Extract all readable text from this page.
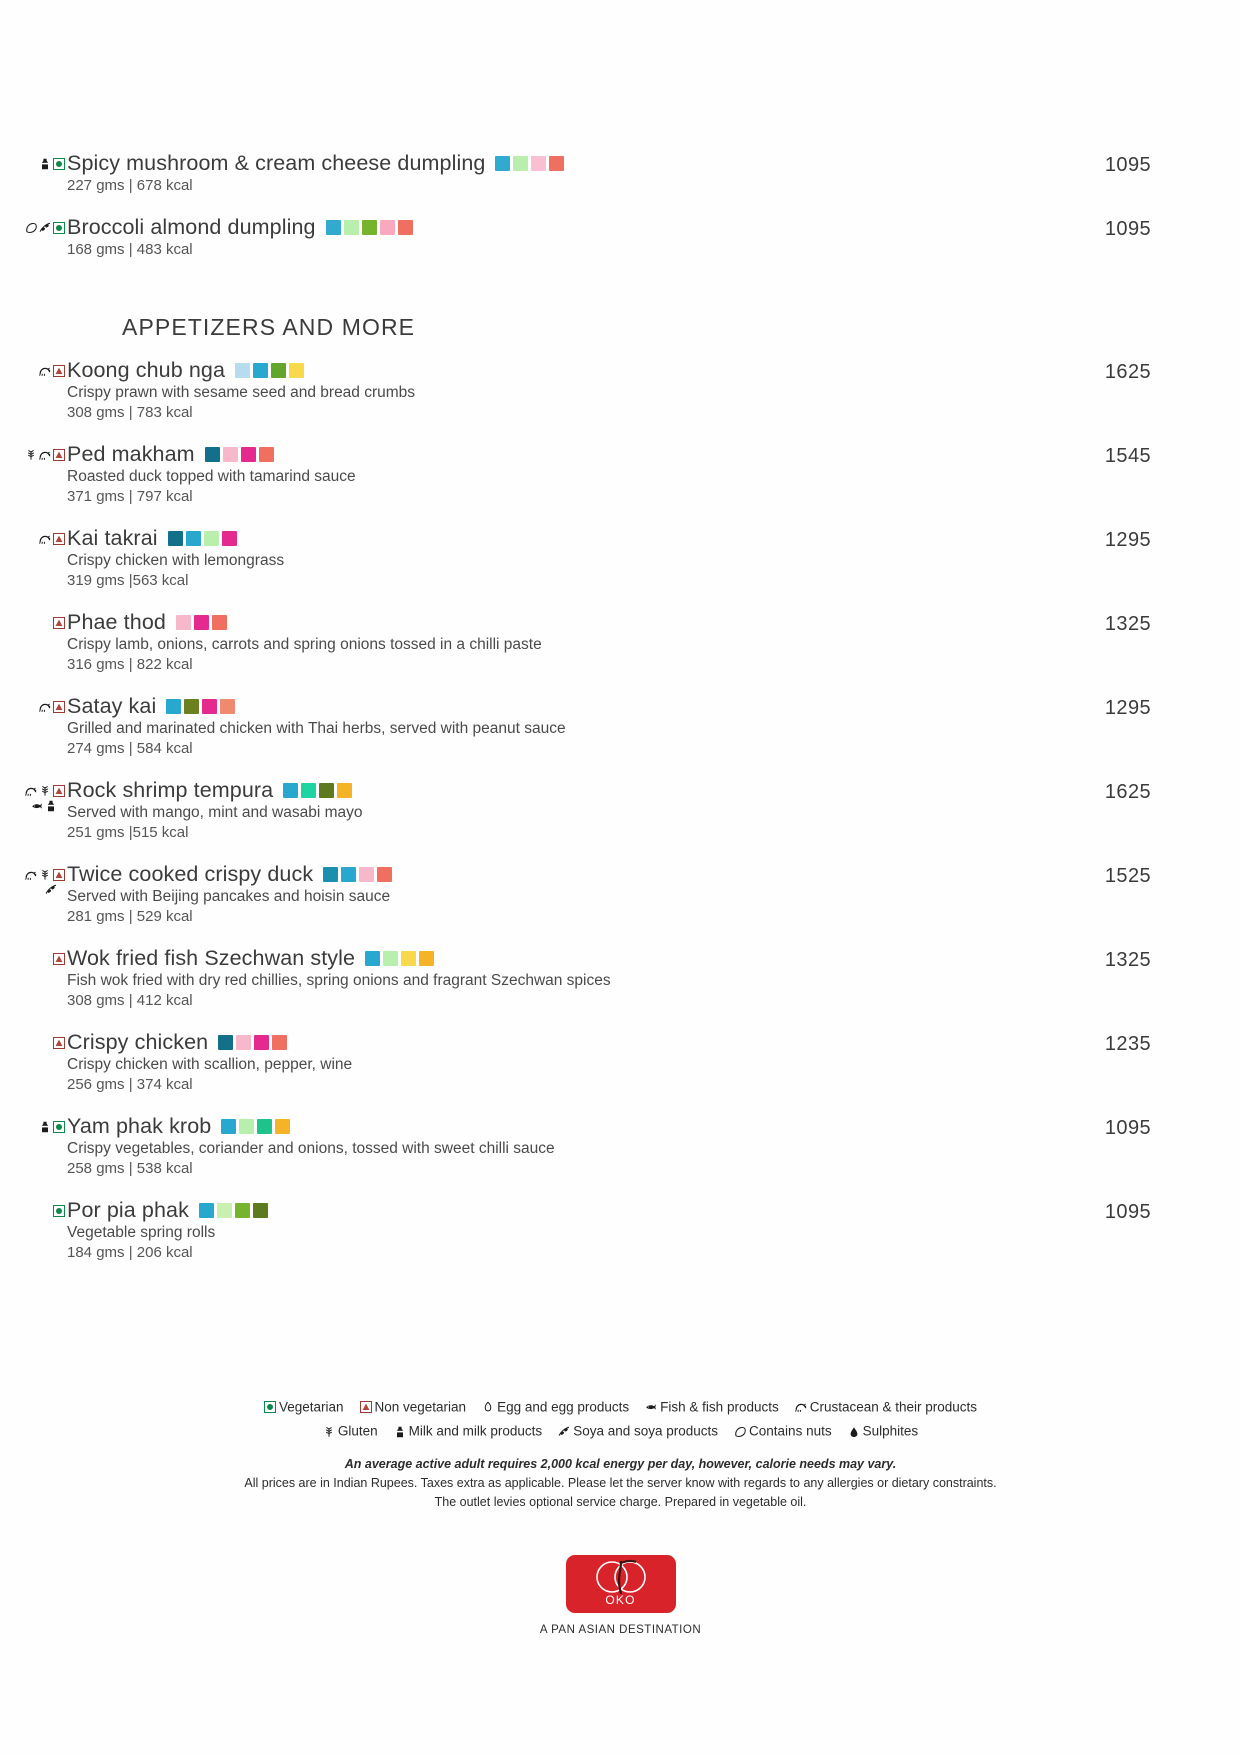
Spicy mushroom & cream cheese dumpling
227 gms | 678 kcal
1095
Broccoli almond dumpling
168 gms | 483 kcal
1095
APPETIZERS AND MORE
Koong chub nga
Crispy prawn with sesame seed and bread crumbs
308 gms | 783 kcal
1625
Ped makham
Roasted duck topped with tamarind sauce
371 gms | 797 kcal
1545
Kai takrai
Crispy chicken with lemongrass
319 gms |563 kcal
1295
Phae thod
Crispy lamb, onions, carrots and spring onions tossed in a chilli paste
316 gms | 822 kcal
1325
Satay kai
Grilled and marinated chicken with Thai herbs, served with peanut sauce
274 gms | 584 kcal
1295
Rock shrimp tempura
Served with mango, mint and wasabi mayo
251 gms |515 kcal
1625
Twice cooked crispy duck
Served with Beijing pancakes and hoisin sauce
281 gms | 529 kcal
1525
Wok fried fish Szechwan style
Fish wok fried with dry red chillies, spring onions and fragrant Szechwan spices
308 gms | 412 kcal
1325
Crispy chicken
Crispy chicken with scallion, pepper, wine
256 gms | 374 kcal
1235
Yam phak krob
Crispy vegetables, coriander and onions, tossed with sweet chilli sauce
258 gms | 538 kcal
1095
Por pia phak
Vegetable spring rolls
184 gms | 206 kcal
1095
Vegetarian Non vegetarian Egg and egg products Fish & fish products Crustacean & their products
Gluten Milk and milk products Soya and soya products Contains nuts Sulphites
An average active adult requires 2,000 kcal energy per day, however, calorie needs may vary.
All prices are in Indian Rupees. Taxes extra as applicable. Please let the server know with regards to any allergies or dietary constraints.
The outlet levies optional service charge. Prepared in vegetable oil.
OKO
A PAN ASIAN DESTINATION
